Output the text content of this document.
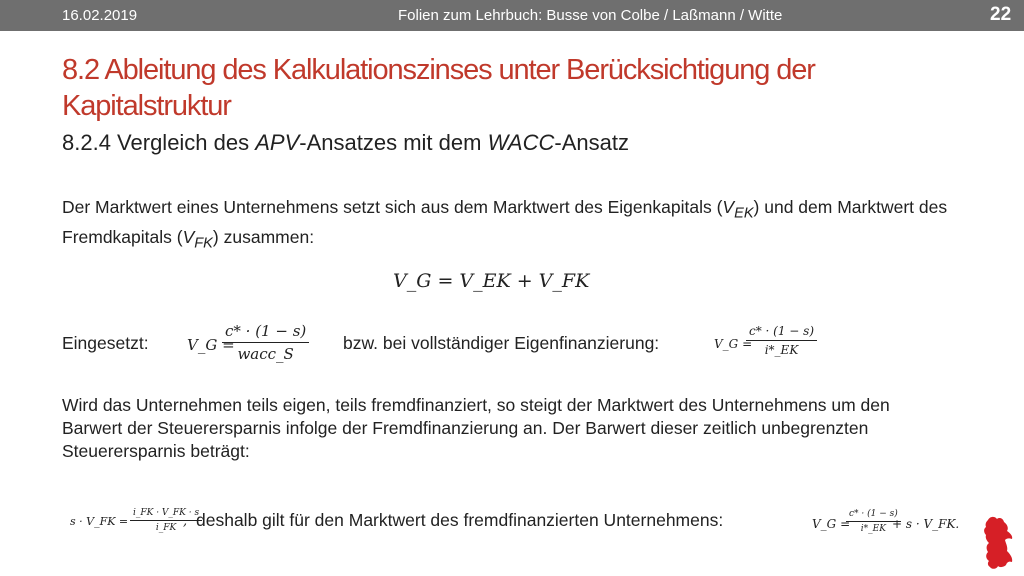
16.02.2019	Folien zum Lehrbuch: Busse von Colbe / Laßmann / Witte	22
8.2 Ableitung des Kalkulationszinses unter Berücksichtigung der Kapitalstruktur
8.2.4 Vergleich des APV-Ansatzes mit dem WACC-Ansatz
Der Marktwert eines Unternehmens setzt sich aus dem Marktwert des Eigenkapitals $(V_{EK})$ und dem Marktwert des Fremdkapitals $(V_{FK})$ zusammen:
V_G = V_EK + V_FK
Eingesetzt:	V_G =
c* · (1 − s)
wacc_S
bzw. bei vollständiger Eigenfinanzierung:	V_G =
c* · (1 − s)
i*_EK
Wird das Unternehmen teils eigen, teils fremdfinanziert, so steigt der Marktwert des Unternehmens um den Barwert der Steuerersparnis infolge der Fremdfinanzierung an. Der Barwert dieser zeitlich unbegrenzten Steuerersparnis beträgt:
s · V_FK =
i_FK · V_FK · s
i_FK , deshalb gilt für den Marktwert des fremdfinanzierten Unternehmens:	V_G =
c* · (1 − s)
i*_EK + s · V_FK.
